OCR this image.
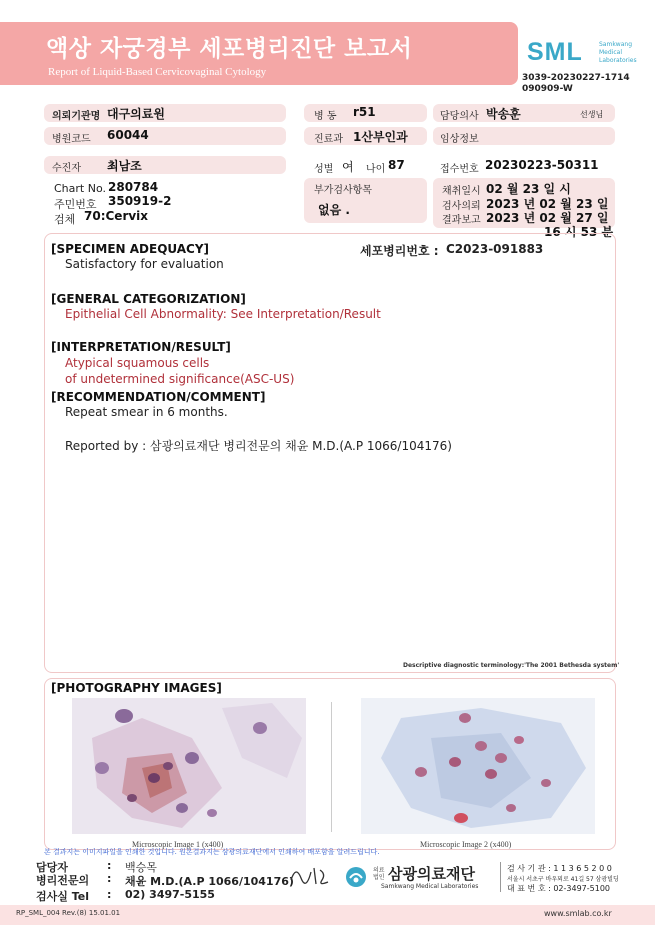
액상 자궁경부 세포병리진단 보고서
Report of Liquid-Based Cervicovaginal Cytology
SML	Samkwang
Medical
Laboratories
3039-20230227-1714
090909-W
의뢰기관명 대구의료원	병 동 r51	담당의사 박송훈	선생님
병원코드 60044	진료과 1산부인과	임상정보
수진자 최남조	성별 여 나이 87	접수번호 20230223-50311
Chart No. 280784
주민번호 350919-2
검체 70:Cervix
부가검사항목
없음 .
채취일시 02 월 23 일 시
검사의뢰 2023 년 02 월 23 일
결과보고 2023 년 02 월 27 일
16 시 53 분
[SPECIMEN ADEQUACY]	세포병리번호 : C2023-091883
Satisfactory for evaluation
[GENERAL CATEGORIZATION]
Epithelial Cell Abnormality: See Interpretation/Result
[INTERPRETATION/RESULT]
Atypical squamous cells
of undetermined significance(ASC-US)
[RECOMMENDATION/COMMENT]
Repeat smear in 6 months.
Reported by : 삼광의료재단 병리전문의 채윤 M.D.(A.P 1066/104176)
Descriptive diagnostic terminology:'The 2001 Bethesda system'
[PHOTOGRAPHY IMAGES]
Microscopic Image 1 (x400)	Microscopic Image 2 (x400)
본 결과지는 이미지파일을 인쇄한 것입니다. 원본결과지는 삼광의료재단에서 인쇄하여 배포함을 알려드립니다.
담당자	: 백승목
병리전문의 : 채윤 M.D.(A.P 1066/104176)
검사실 Tel : 02) 3497-5155
의료
법인 삼광의료재단
Samkwang Medical Laboratories
검 사 기 관 : 1 1 3 6 5 2 0 0
서울시 서초구 바우뫼로 41길 57 삼광빌딩
대 표 번 호 : 02-3497-5100
RP_SML_004 Rev.(8) 15.01.01	www.smlab.co.kr
